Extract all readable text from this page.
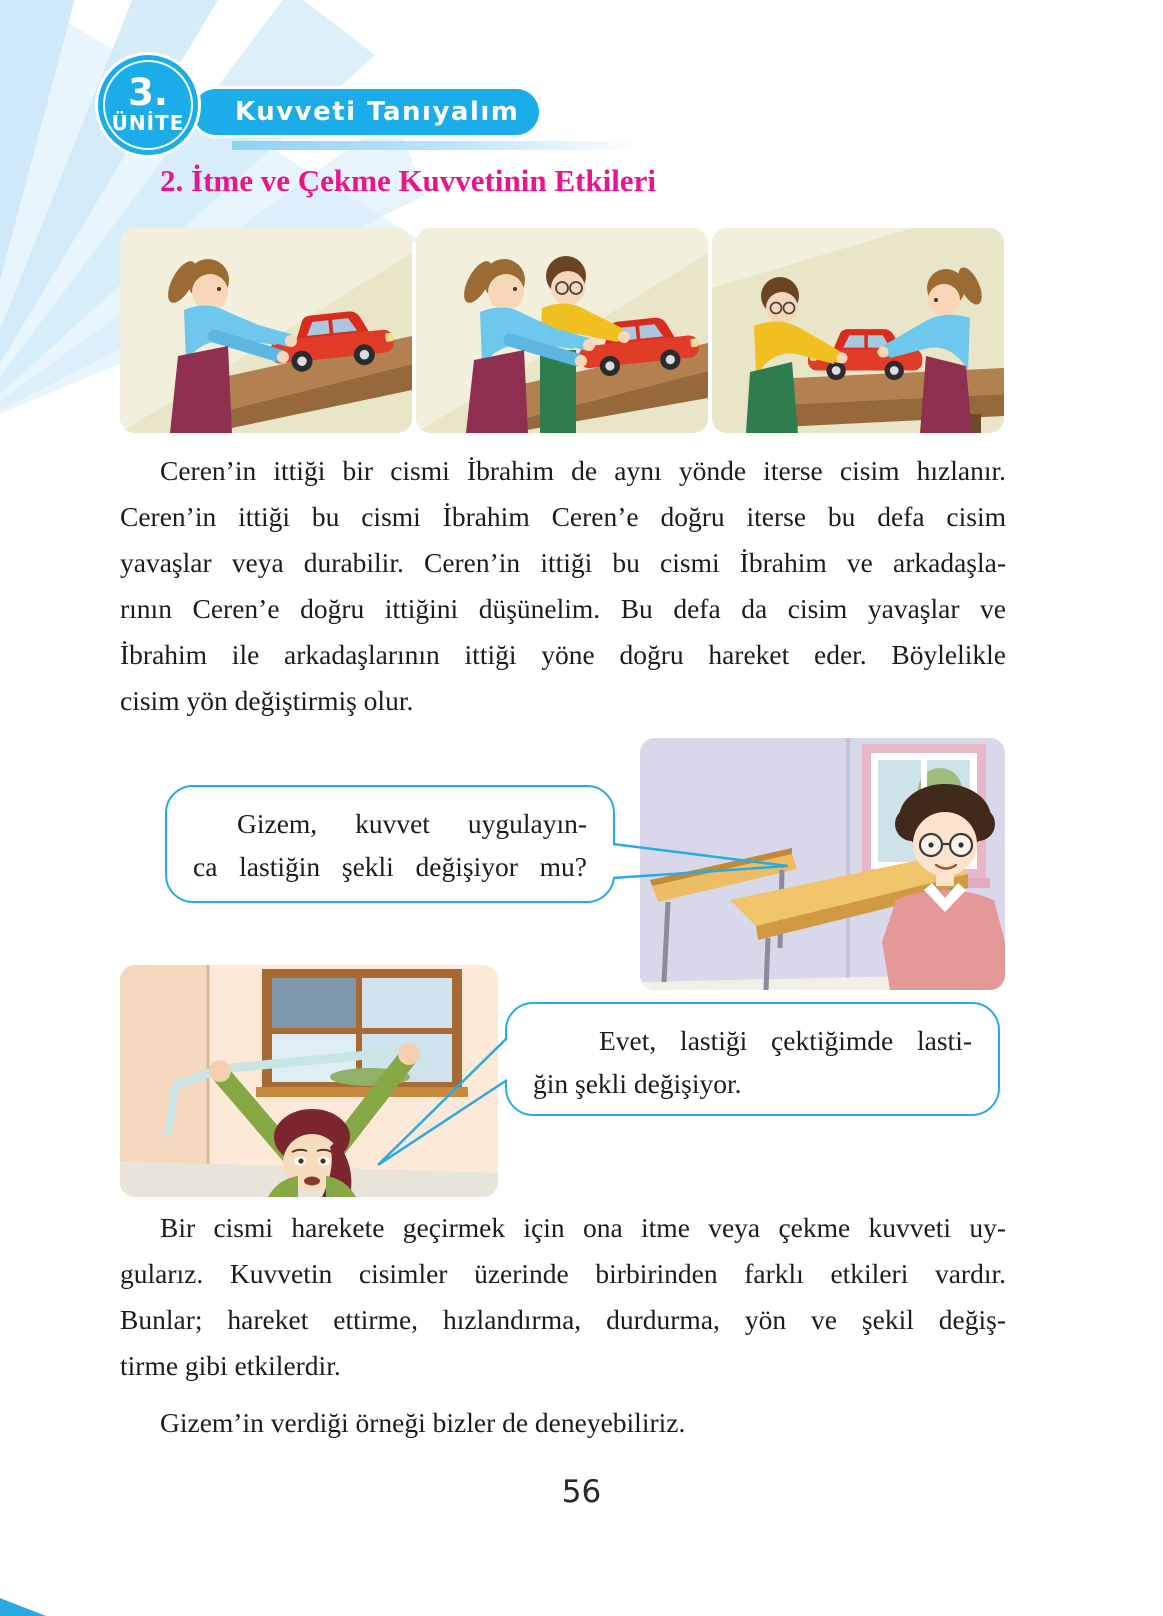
Kuvveti Tanıyalım
3.
ÜNİTE
2. İtme ve Çekme Kuvvetinin Etkileri
Ceren’in ittiği bir cismi İbrahim de aynı yönde iterse cisim hızlanır.
Ceren’in ittiği bu cismi İbrahim Ceren’e doğru iterse bu defa cisim
yavaşlar veya durabilir. Ceren’in ittiği bu cismi İbrahim ve arkadaşla-
rının Ceren’e doğru ittiğini düşünelim. Bu defa da cisim yavaşlar ve
İbrahim ile arkadaşlarının ittiği yöne doğru hareket eder. Böylelikle
cisim yön değiştirmiş olur.
Gizem, kuvvet uygulayın-
ca lastiğin şekli değişiyor mu?
Evet, lastiği çektiğimde lasti-
ğin şekli değişiyor.
Bir cismi harekete geçirmek için ona itme veya çekme kuvveti uy-
gularız. Kuvvetin cisimler üzerinde birbirinden farklı etkileri vardır.
Bunlar; hareket ettirme, hızlandırma, durdurma, yön ve şekil değiş-
tirme gibi etkilerdir.
Gizem’in verdiği örneği bizler de deneyebiliriz.
56
